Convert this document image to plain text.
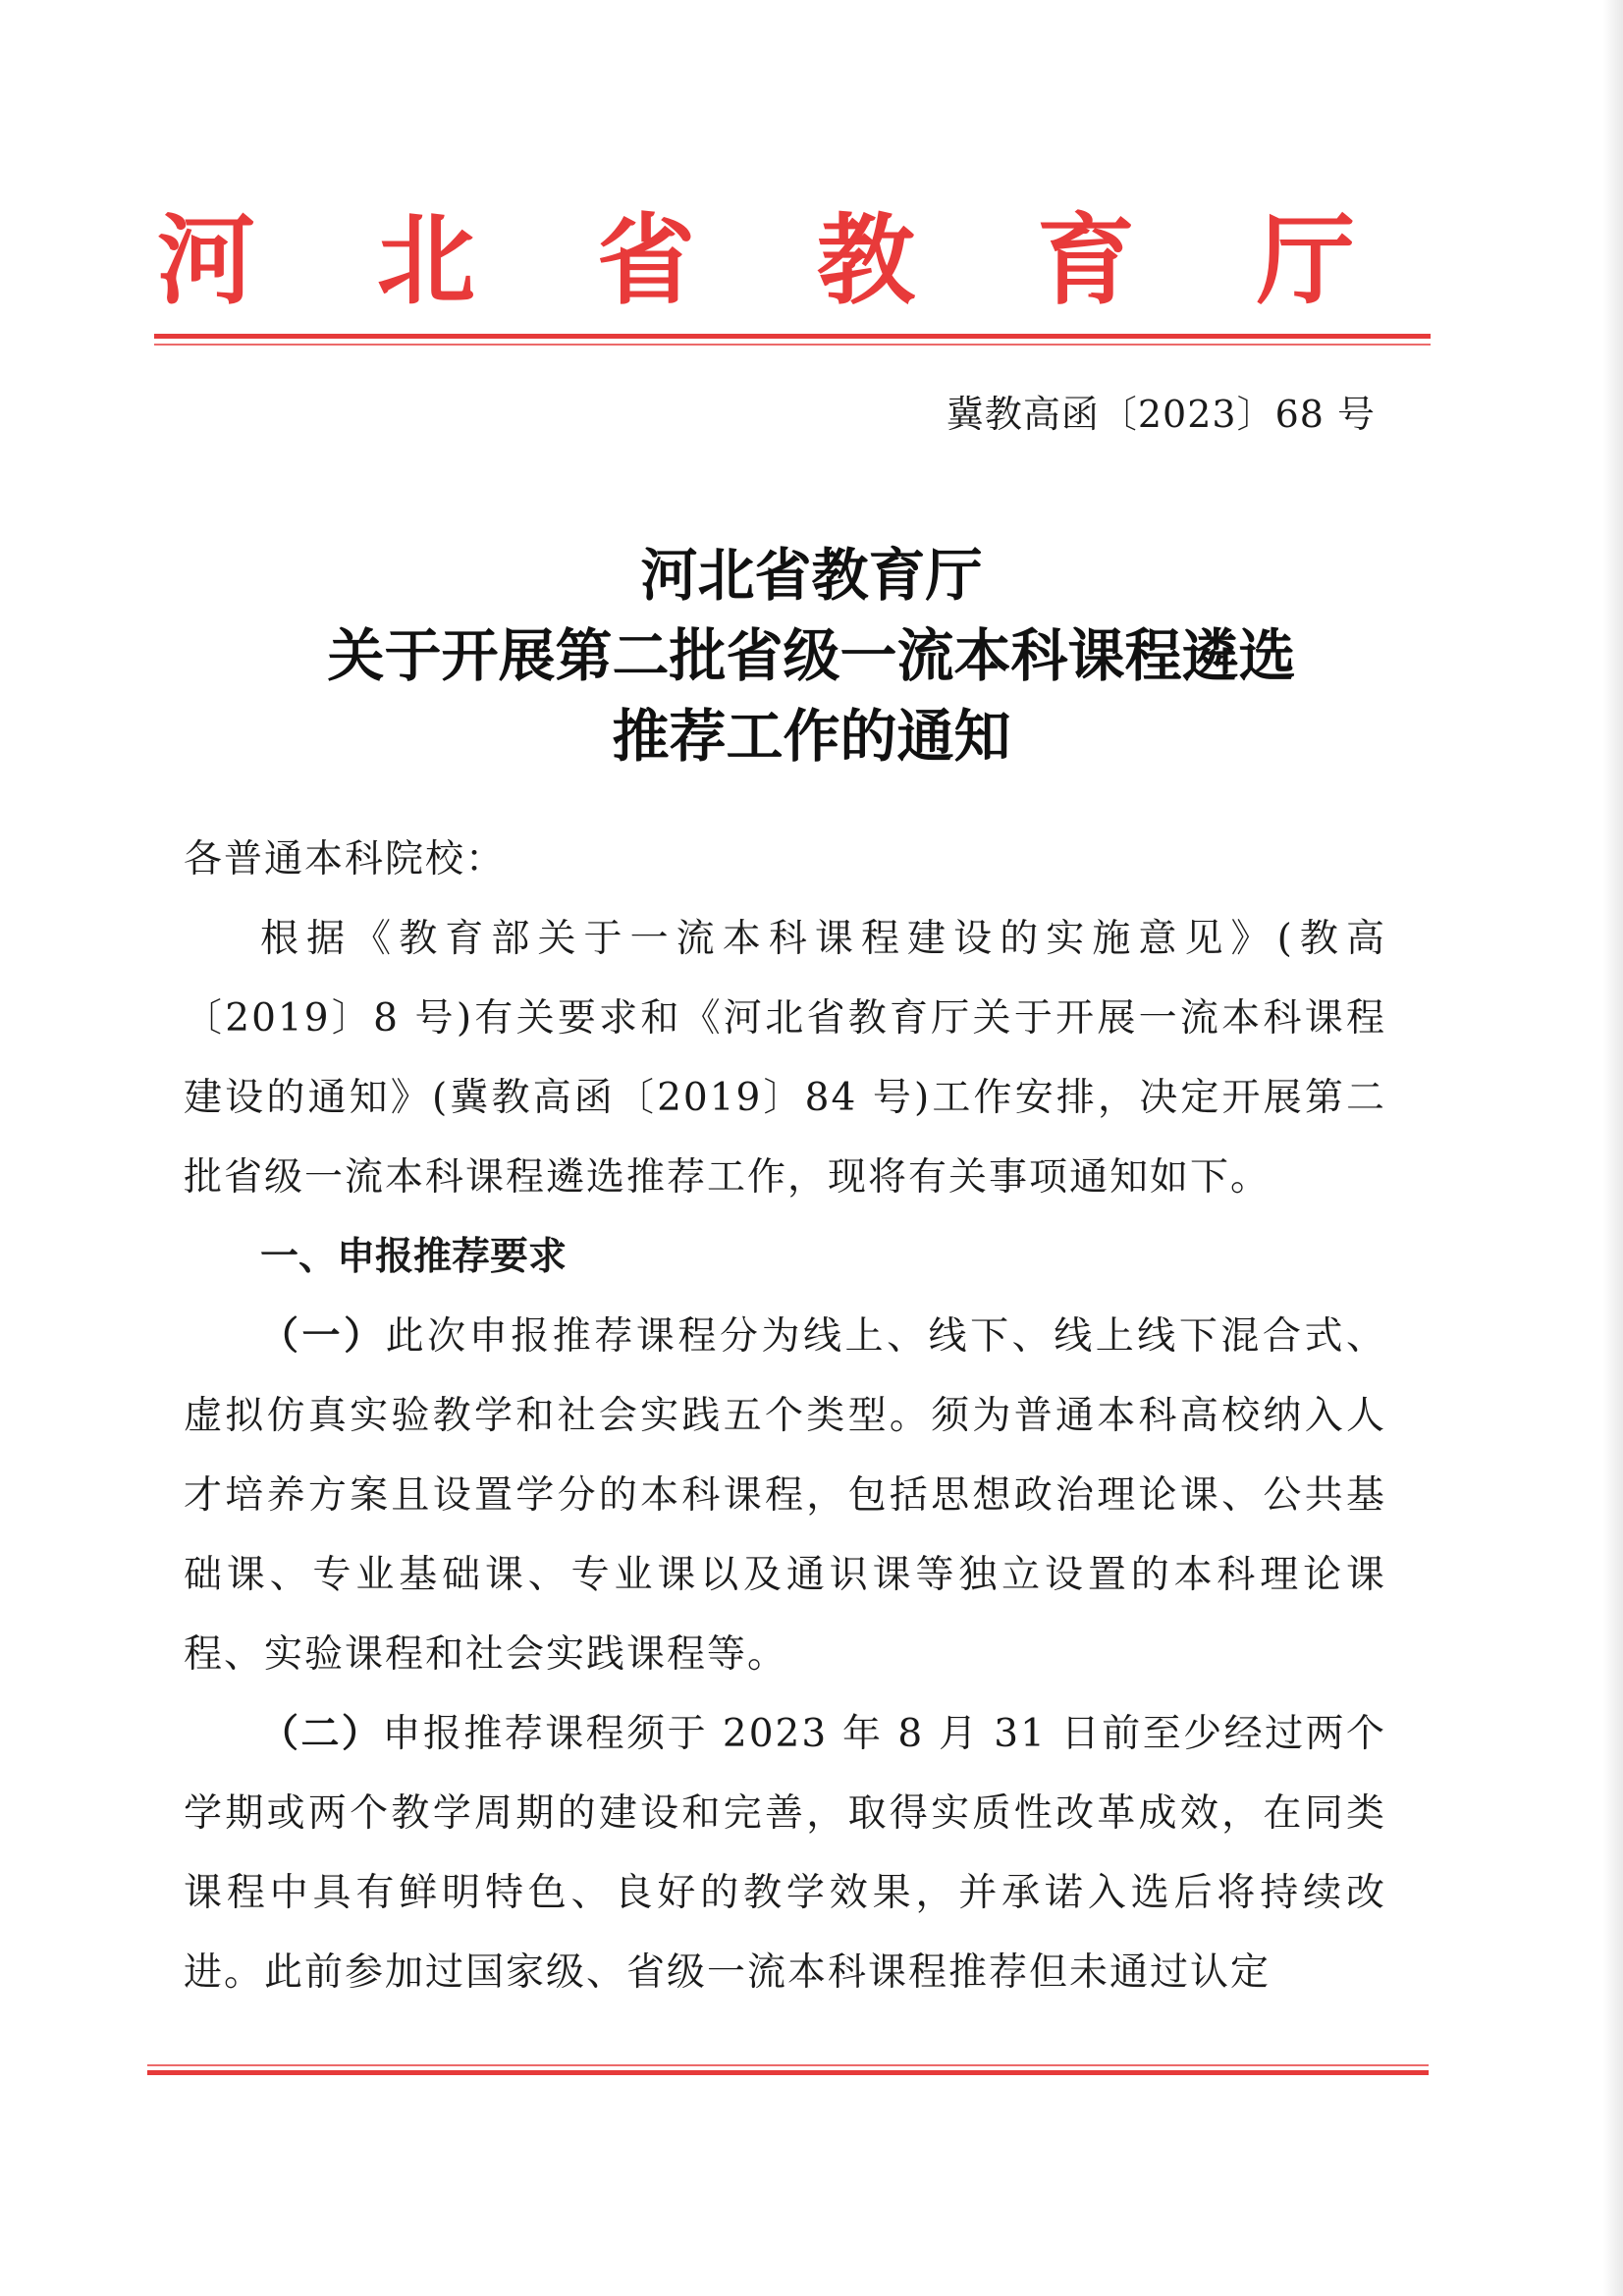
河 北 省 教 育 厅
冀教高函〔2023〕68 号
河北省教育厅
关于开展第二批省级一流本科课程遴选
推荐工作的通知
各普通本科院校：
根据《教育部关于一流本科课程建设的实施意见》(教高〔2019〕8 号)有关要求和《河北省教育厅关于开展一流本科课程建设的通知》(冀教高函〔2019〕84 号)工作安排，决定开展第二批省级一流本科课程遴选推荐工作，现将有关事项通知如下。
一、申报推荐要求
（一）此次申报推荐课程分为线上、线下、线上线下混合式、虚拟仿真实验教学和社会实践五个类型。须为普通本科高校纳入人才培养方案且设置学分的本科课程，包括思想政治理论课、公共基础课、专业基础课、专业课以及通识课等独立设置的本科理论课程、实验课程和社会实践课程等。
（二）申报推荐课程须于 2023 年 8 月 31 日前至少经过两个学期或两个教学周期的建设和完善，取得实质性改革成效，在同类课程中具有鲜明特色、良好的教学效果，并承诺入选后将持续改进。此前参加过国家级、省级一流本科课程推荐但未通过认定
